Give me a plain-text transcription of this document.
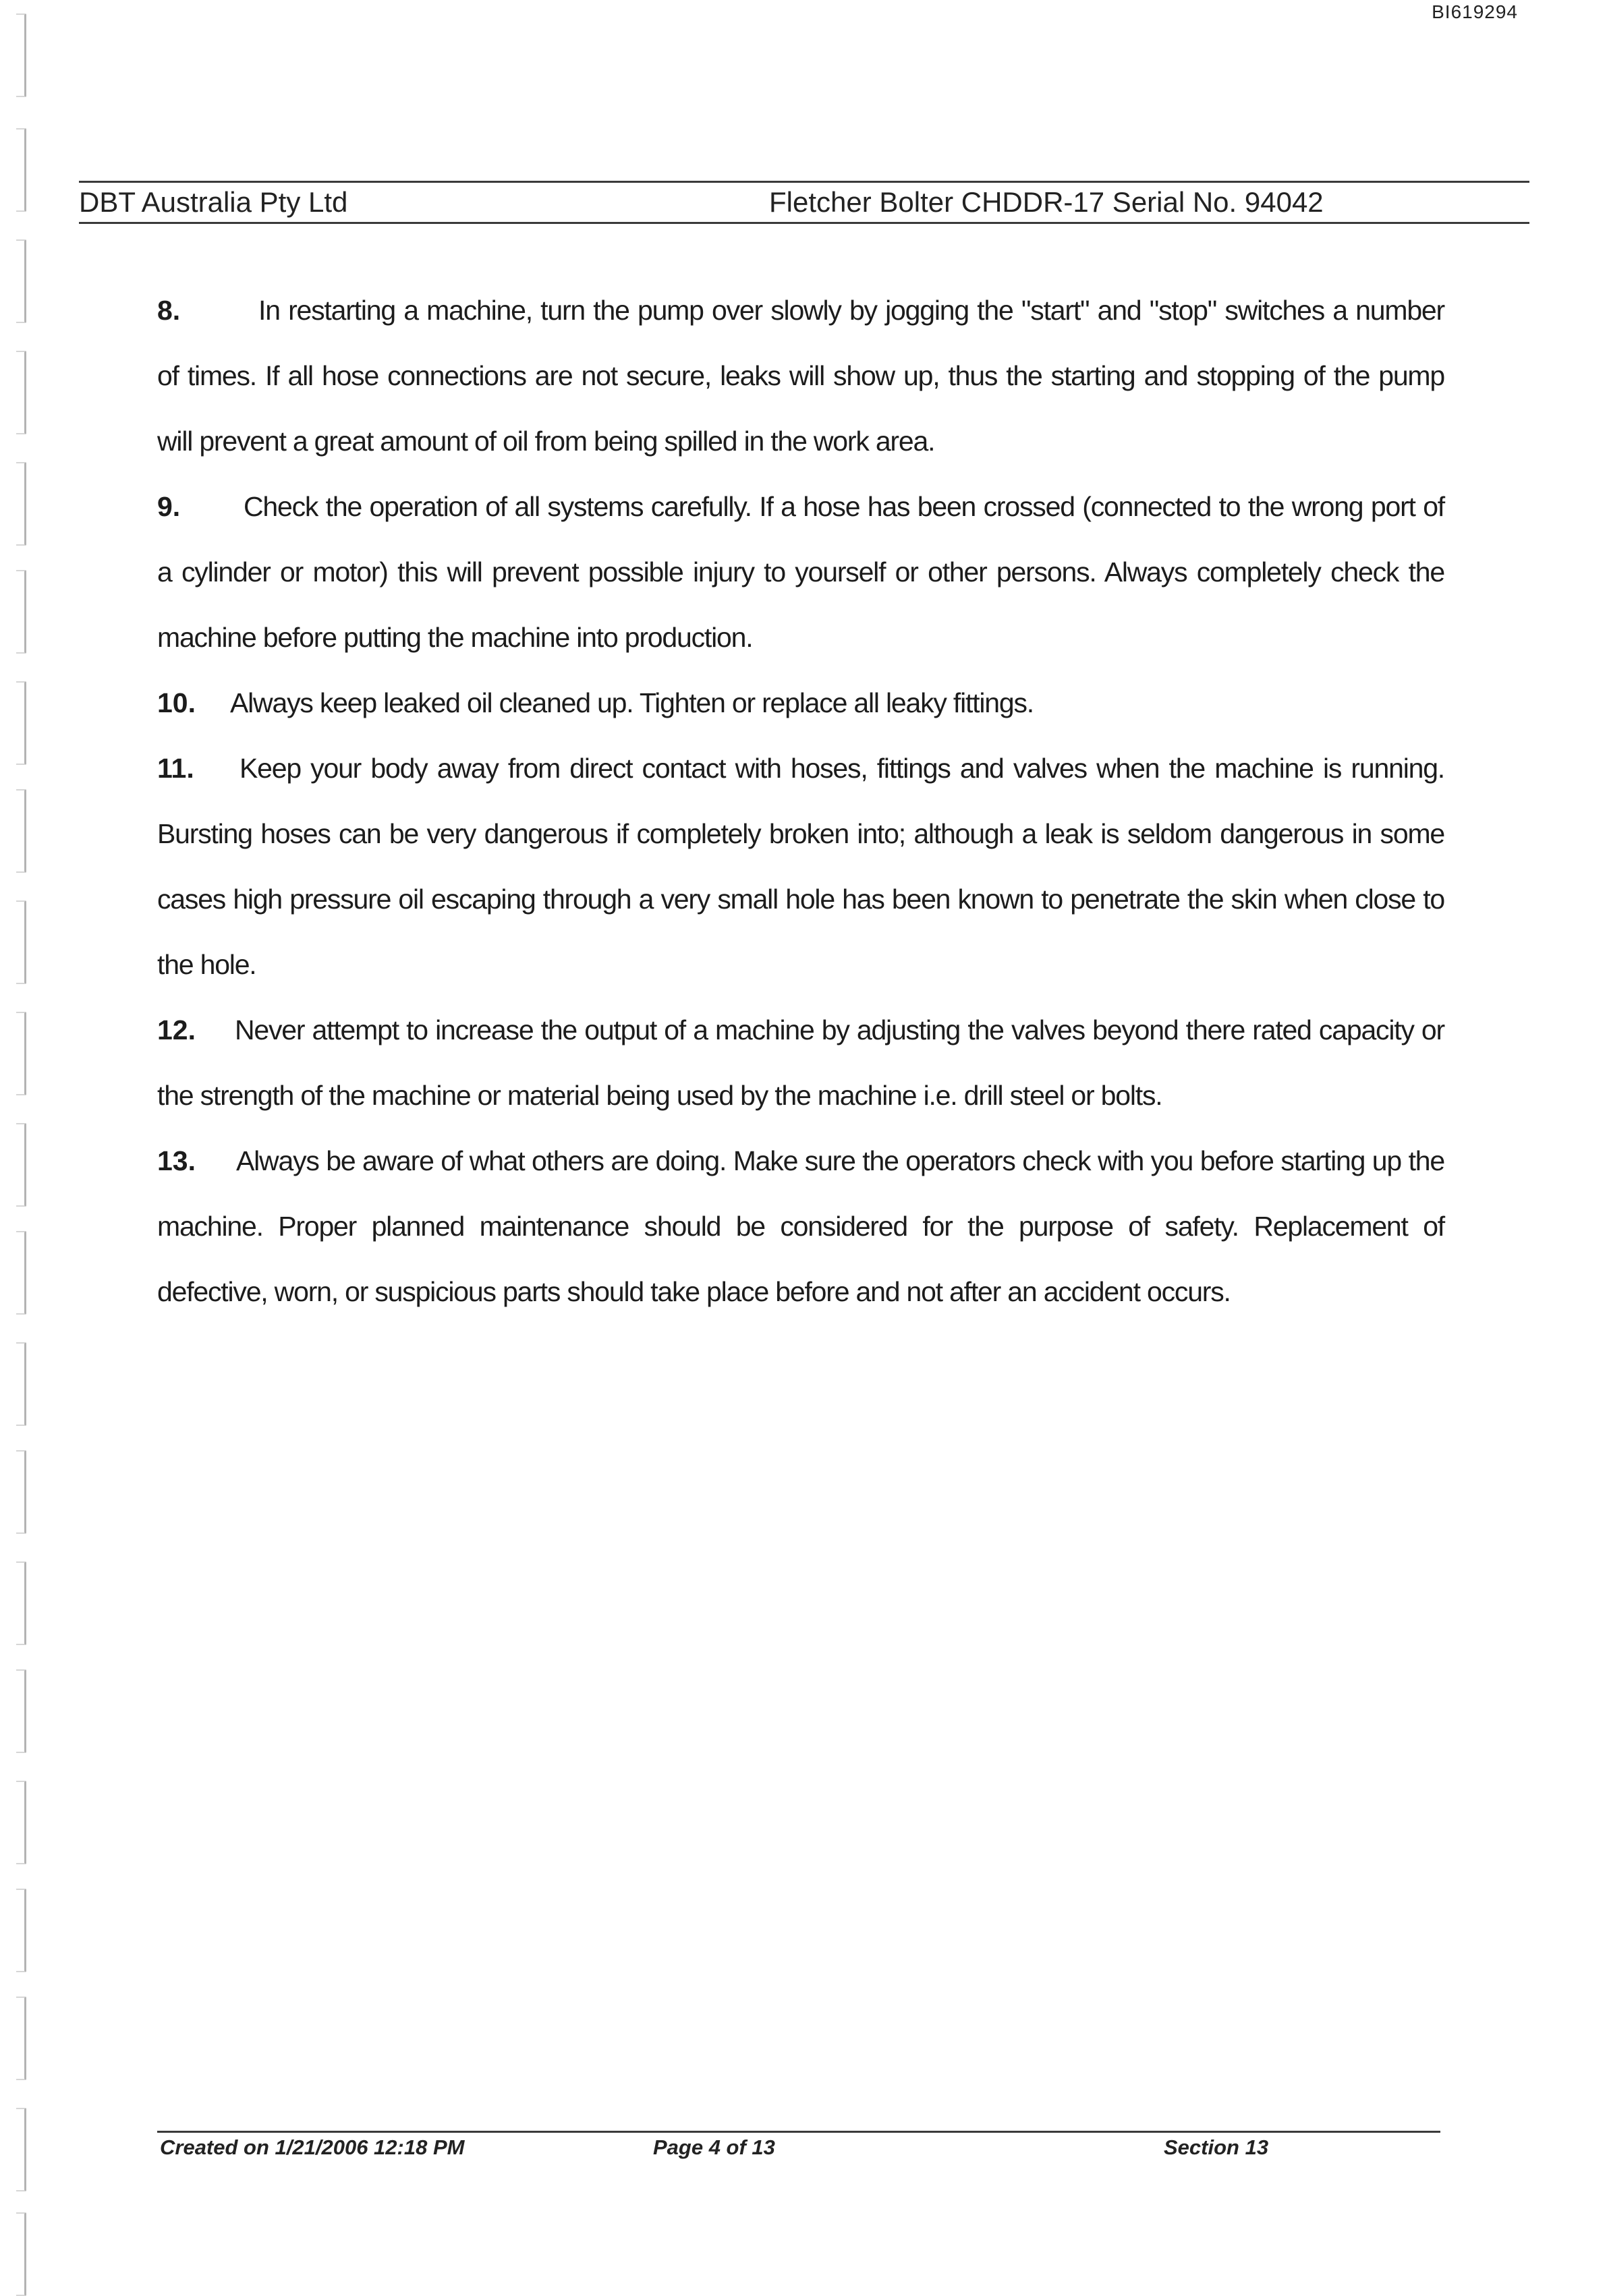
BI619294
DBT Australia Pty Ltd	Fletcher Bolter CHDDR-17 Serial No. 94042

8.	In restarting a machine, turn the pump over slowly by jogging the "start" and "stop" switches a number of times. If all hose connections are not secure, leaks will show up, thus the starting and stopping of the pump will prevent a great amount of oil from being spilled in the work area.

9. Check the operation of all systems carefully. If a hose has been crossed (connected to the wrong port of a cylinder or motor) this will prevent possible injury to yourself or other persons. Always completely check the machine before putting the machine into production.

10. Always keep leaked oil cleaned up. Tighten or replace all leaky fittings.

11. Keep your body away from direct contact with hoses, fittings and valves when the machine is running. Bursting hoses can be very dangerous if completely broken into; although a leak is seldom dangerous in some cases high pressure oil escaping through a very small hole has been known to penetrate the skin when close to the hole.

12. Never attempt to increase the output of a machine by adjusting the valves beyond there rated capacity or the strength of the machine or material being used by the machine i.e. drill steel or bolts.

13. Always be aware of what others are doing. Make sure the operators check with you before starting up the machine. Proper planned maintenance should be considered for the purpose of safety. Replacement of defective, worn, or suspicious parts should take place before and not after an accident occurs.

Created on 1/21/2006 12:18 PM	Page 4 of 13	Section 13
